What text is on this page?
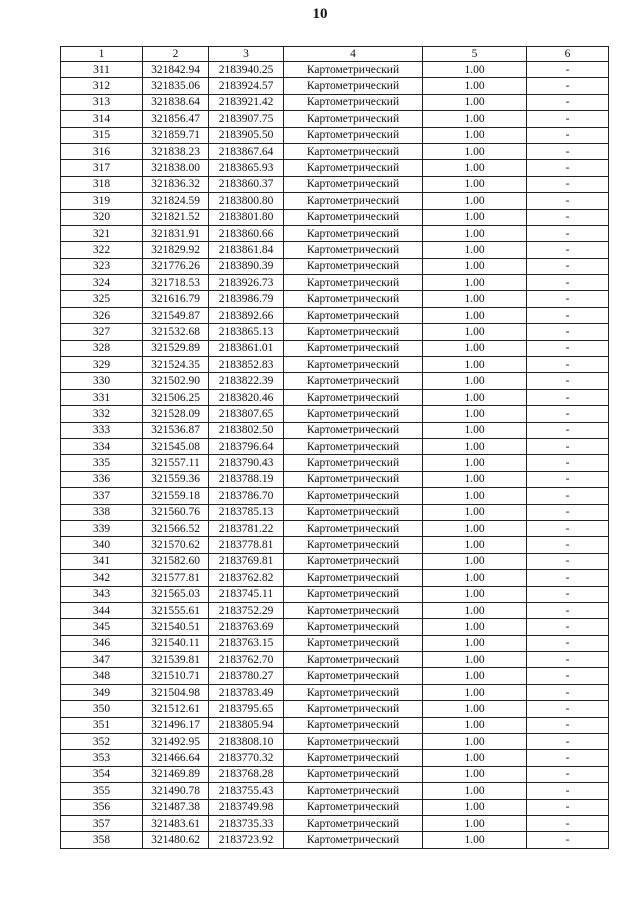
10
1	2	3	4	5	6
311	321842.94	2183940.25	Картометрический	1.00	-
312	321835.06	2183924.57	Картометрический	1.00	-
313	321838.64	2183921.42	Картометрический	1.00	-
314	321856.47	2183907.75	Картометрический	1.00	-
315	321859.71	2183905.50	Картометрический	1.00	-
316	321838.23	2183867.64	Картометрический	1.00	-
317	321838.00	2183865.93	Картометрический	1.00	-
318	321836.32	2183860.37	Картометрический	1.00	-
319	321824.59	2183800.80	Картометрический	1.00	-
320	321821.52	2183801.80	Картометрический	1.00	-
321	321831.91	2183860.66	Картометрический	1.00	-
322	321829.92	2183861.84	Картометрический	1.00	-
323	321776.26	2183890.39	Картометрический	1.00	-
324	321718.53	2183926.73	Картометрический	1.00	-
325	321616.79	2183986.79	Картометрический	1.00	-
326	321549.87	2183892.66	Картометрический	1.00	-
327	321532.68	2183865.13	Картометрический	1.00	-
328	321529.89	2183861.01	Картометрический	1.00	-
329	321524.35	2183852.83	Картометрический	1.00	-
330	321502.90	2183822.39	Картометрический	1.00	-
331	321506.25	2183820.46	Картометрический	1.00	-
332	321528.09	2183807.65	Картометрический	1.00	-
333	321536.87	2183802.50	Картометрический	1.00	-
334	321545.08	2183796.64	Картометрический	1.00	-
335	321557.11	2183790.43	Картометрический	1.00	-
336	321559.36	2183788.19	Картометрический	1.00	-
337	321559.18	2183786.70	Картометрический	1.00	-
338	321560.76	2183785.13	Картометрический	1.00	-
339	321566.52	2183781.22	Картометрический	1.00	-
340	321570.62	2183778.81	Картометрический	1.00	-
341	321582.60	2183769.81	Картометрический	1.00	-
342	321577.81	2183762.82	Картометрический	1.00	-
343	321565.03	2183745.11	Картометрический	1.00	-
344	321555.61	2183752.29	Картометрический	1.00	-
345	321540.51	2183763.69	Картометрический	1.00	-
346	321540.11	2183763.15	Картометрический	1.00	-
347	321539.81	2183762.70	Картометрический	1.00	-
348	321510.71	2183780.27	Картометрический	1.00	-
349	321504.98	2183783.49	Картометрический	1.00	-
350	321512.61	2183795.65	Картометрический	1.00	-
351	321496.17	2183805.94	Картометрический	1.00	-
352	321492.95	2183808.10	Картометрический	1.00	-
353	321466.64	2183770.32	Картометрический	1.00	-
354	321469.89	2183768.28	Картометрический	1.00	-
355	321490.78	2183755.43	Картометрический	1.00	-
356	321487.38	2183749.98	Картометрический	1.00	-
357	321483.61	2183735.33	Картометрический	1.00	-
358	321480.62	2183723.92	Картометрический	1.00	-
